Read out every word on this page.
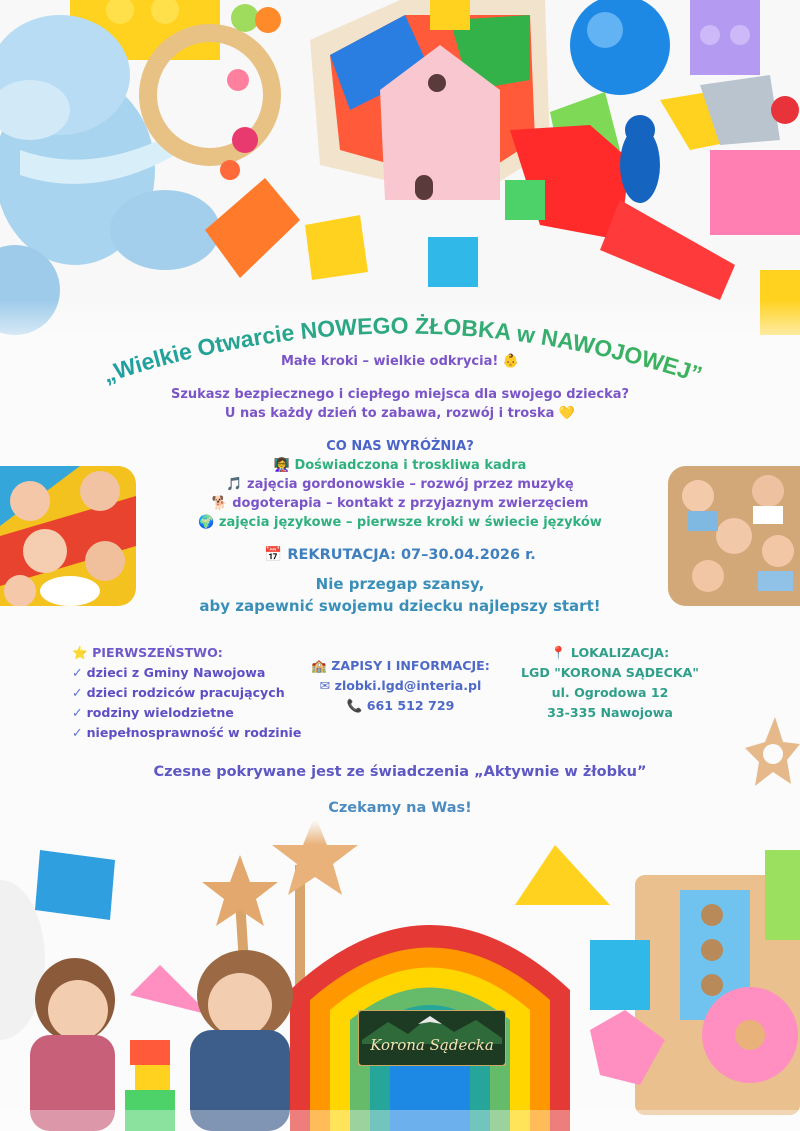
„Wielkie Otwarcie NOWEGO ŻŁOBKA w NAWOJOWEJ”
Małe kroki – wielkie odkrycia! 👶
Szukasz bezpiecznego i ciepłego miejsca dla swojego dziecka?
U nas każdy dzień to zabawa, rozwój i troska 💛
CO NAS WYRÓŻNIA?
👩‍🏫 Doświadczona i troskliwa kadra
🎵 zajęcia gordonowskie – rozwój przez muzykę
🐕 dogoterapia – kontakt z przyjaznym zwierzęciem
🌍 zajęcia językowe – pierwsze kroki w świecie języków
📅 REKRUTACJA: 07–30.04.2026 r.
Nie przegap szansy,
aby zapewnić swojemu dziecku najlepszy start!
⭐ PIERWSZEŃSTWO:
✓ dzieci z Gminy Nawojowa
✓ dzieci rodziców pracujących
✓ rodziny wielodzietne
✓ niepełnosprawność w rodzinie
🏫 ZAPISY I INFORMACJE:
✉ zlobki.lgd@interia.pl
📞 661 512 729
📍 LOKALIZACJA:
LGD "KORONA SĄDECKA"
ul. Ogrodowa 12
33-335 Nawojowa
Czesne pokrywane jest ze świadczenia „Aktywnie w żłobku”
Czekamy na Was!
Korona Sądecka
